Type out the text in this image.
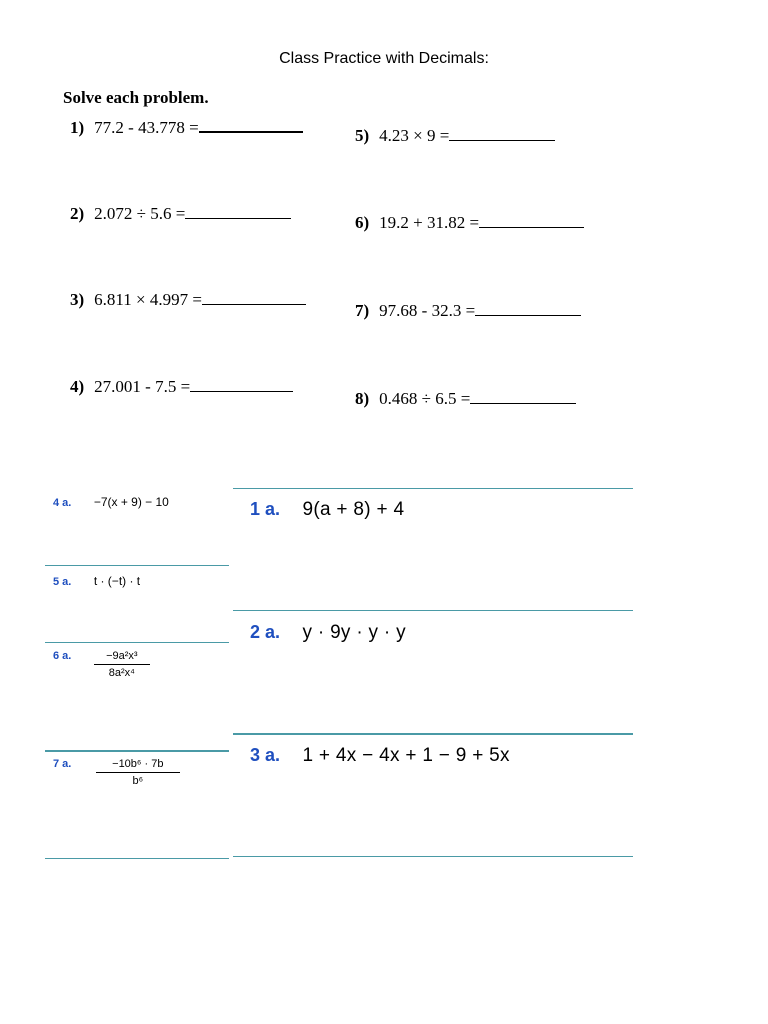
Class Practice with Decimals:
Solve each problem.
1) 77.2 - 43.778 =
2) 2.072 ÷ 5.6 =
3) 6.811 × 4.997 =
4) 27.001 - 7.5 =
5) 4.23 × 9 =
6) 19.2 + 31.82 =
7) 97.68 - 32.3 =
8) 0.468 ÷ 6.5 =
4 a. −7(x + 9) − 10
5 a. t · (−t) · t
$^{6 a.} \frac{\text{−9a²x³}}{\text{8a²x⁴}}$
$^{7 a.} \frac{\text{−10b⁶ · 7b}}{\text{b⁶}}$
1 a. 9(a + 8) + 4
2 a. y · 9y · y · y
3 a. 1 + 4x − 4x + 1 − 9 + 5x
